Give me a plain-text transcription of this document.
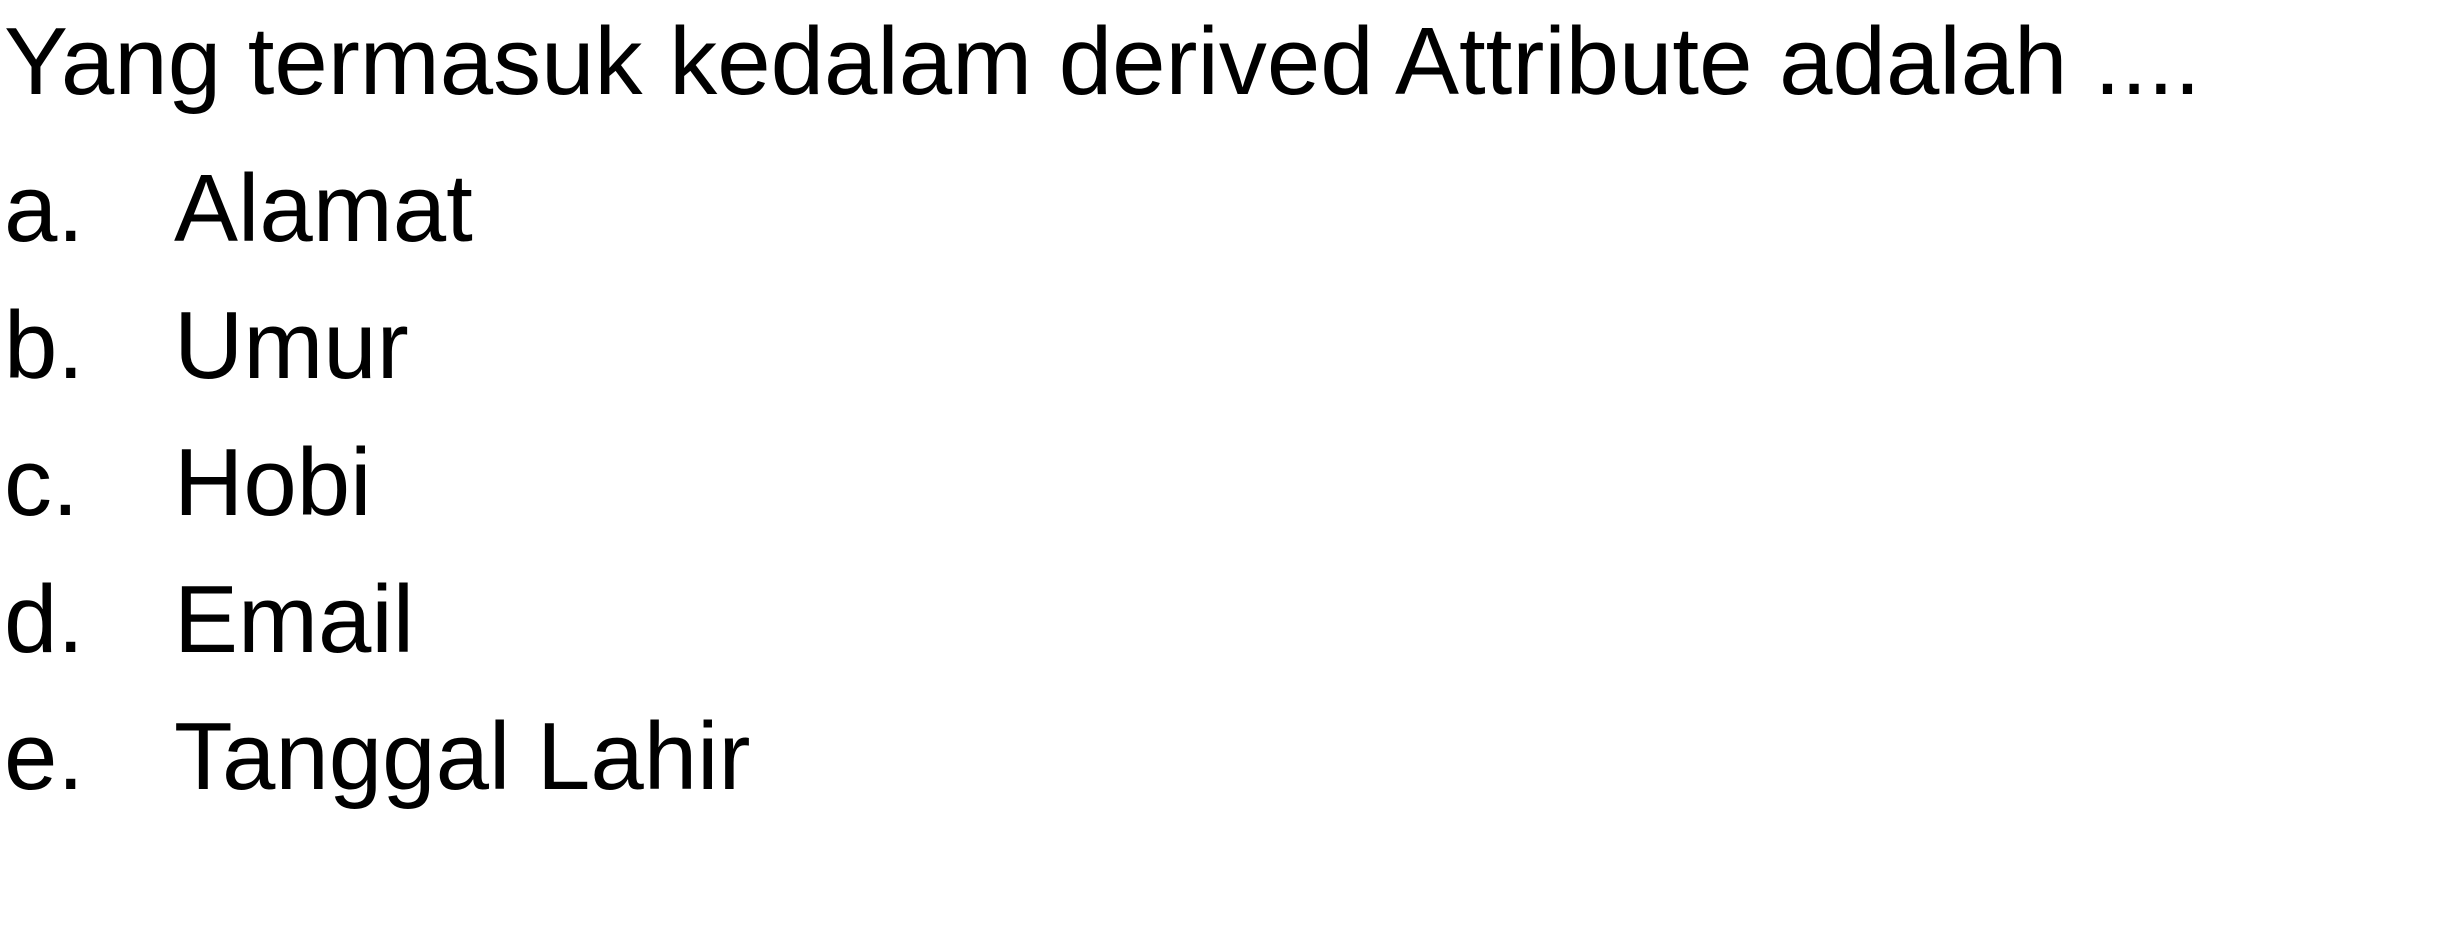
Yang termasuk kedalam derived Attribute adalah ....
a. Alamat
b. Umur
c. Hobi
d. Email
e. Tanggal Lahir
